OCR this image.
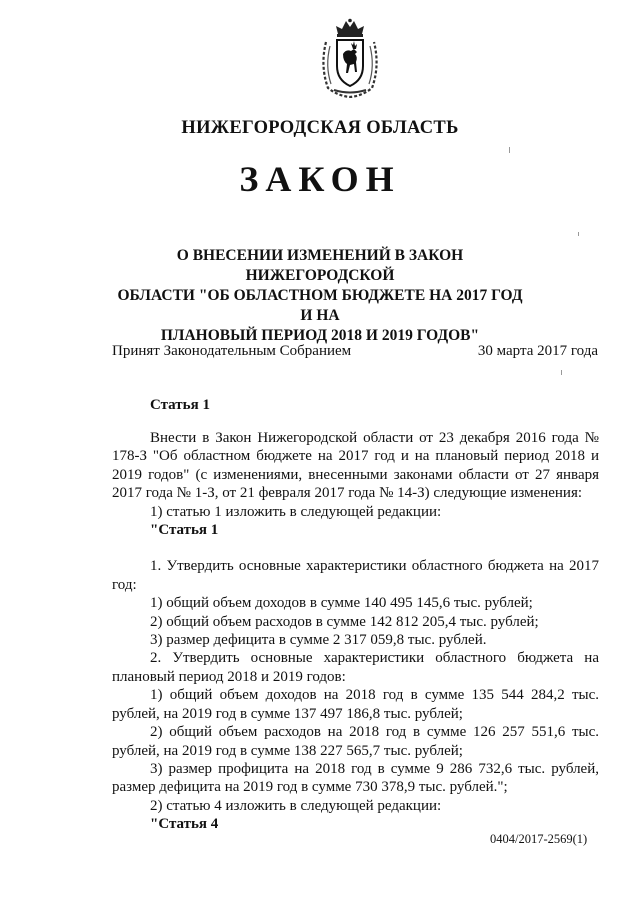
НИЖЕГОРОДСКАЯ ОБЛАСТЬ
ЗАКОН
О ВНЕСЕНИИ ИЗМЕНЕНИЙ В ЗАКОН НИЖЕГОРОДСКОЙ
ОБЛАСТИ "ОБ ОБЛАСТНОМ БЮДЖЕТЕ НА 2017 ГОД И НА
ПЛАНОВЫЙ ПЕРИОД 2018 И 2019 ГОДОВ"
Принят Законодательным Собранием	30 марта 2017 года
Статья 1

Внести в Закон Нижегородской области от 23 декабря 2016 года № 178-З "Об областном бюджете на 2017 год и на плановый период 2018 и 2019 годов" (с изменениями, внесенными законами области от 27 января 2017 года № 1-З, от 21 февраля 2017 года № 14-З) следующие изменения:

1) статью 1 изложить в следующей редакции:

"Статья 1

1. Утвердить основные характеристики областного бюджета на 2017 год:

1) общий объем доходов в сумме 140 495 145,6 тыс. рублей;

2) общий объем расходов в сумме 142 812 205,4 тыс. рублей;

3) размер дефицита в сумме 2 317 059,8 тыс. рублей.

2. Утвердить основные характеристики областного бюджета на плановый период 2018 и 2019 годов:

1) общий объем доходов на 2018 год в сумме 135 544 284,2 тыс. рублей, на 2019 год в сумме 137 497 186,8 тыс. рублей;

2) общий объем расходов на 2018 год в сумме 126 257 551,6 тыс. рублей, на 2019 год в сумме 138 227 565,7 тыс. рублей;

3) размер профицита на 2018 год в сумме 9 286 732,6 тыс. рублей, размер дефицита на 2019 год в сумме 730 378,9 тыс. рублей.";

2) статью 4 изложить в следующей редакции:

"Статья 4

0404/2017-2569(1)
